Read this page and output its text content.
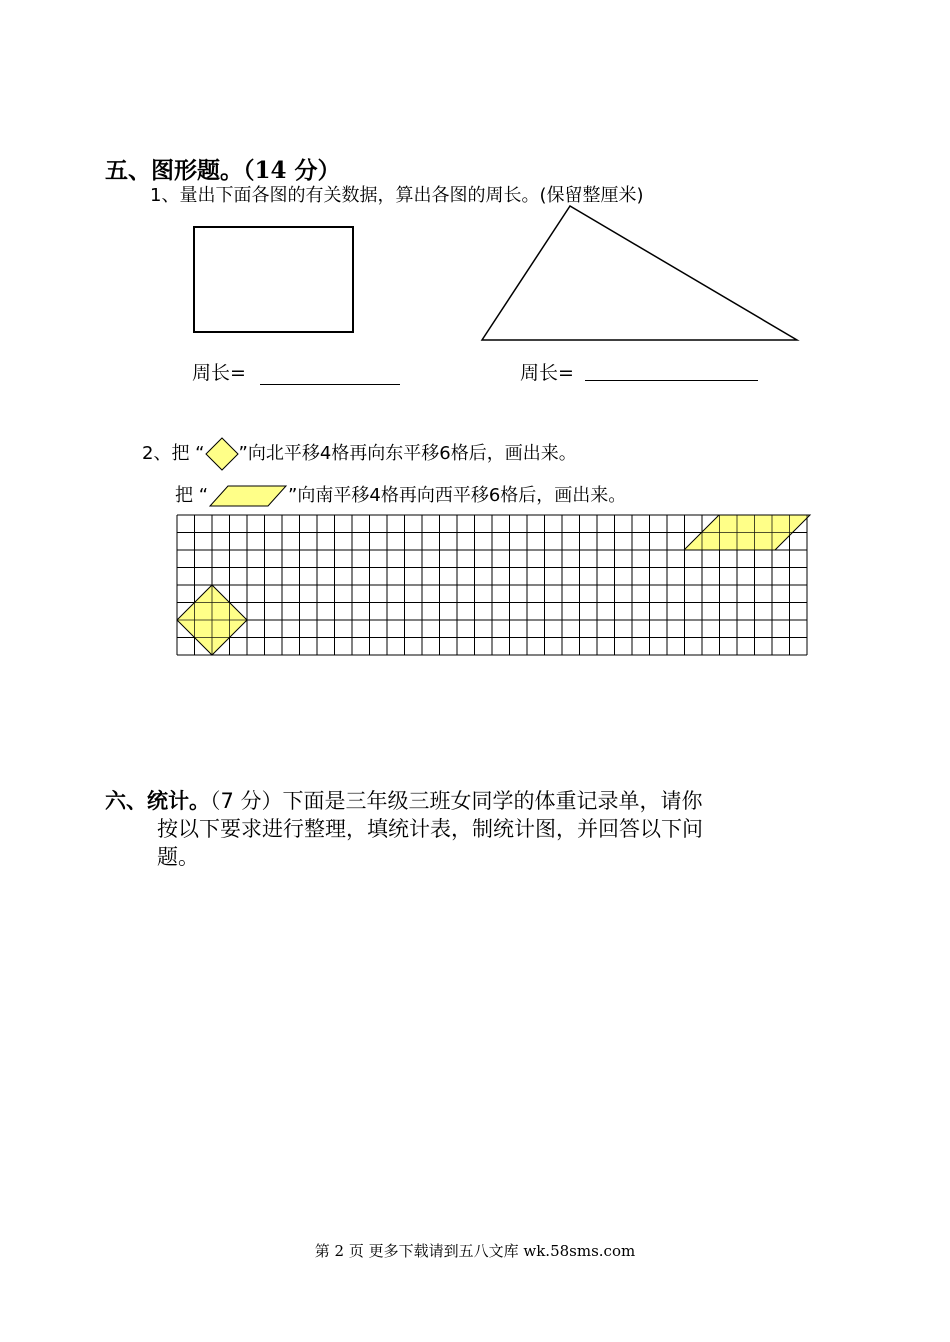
五、图形题。（14 分）
1、量出下面各图的有关数据，算出各图的周长。(保留整厘米)
周长=	周长=
2、把 “ ”向北平移4格再向东平移6格后，画出来。
把 “	”向南平移4格再向西平移6格后，画出来。
六、统计。（7 分）下面是三年级三班女同学的体重记录单，请你
按以下要求进行整理，填统计表，制统计图，并回答以下问
题。
第 2 页 更多下载请到五八文库 wk.58sms.com
